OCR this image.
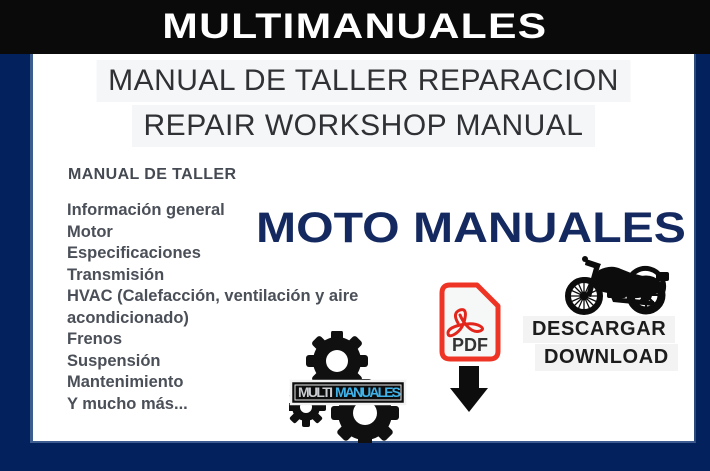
MULTIMANUALES
MANUAL DE TALLER REPARACION
REPAIR WORKSHOP MANUAL
MANUAL DE TALLER
Información general
Motor
Especificaciones
Transmisión
HVAC (Calefacción, ventilación y aire acondicionado)
Frenos
Suspensión
Mantenimiento
Y mucho más...
MOTO MANUALES
PDF
DESCARGAR
DOWNLOAD
MULTI MANUALES
